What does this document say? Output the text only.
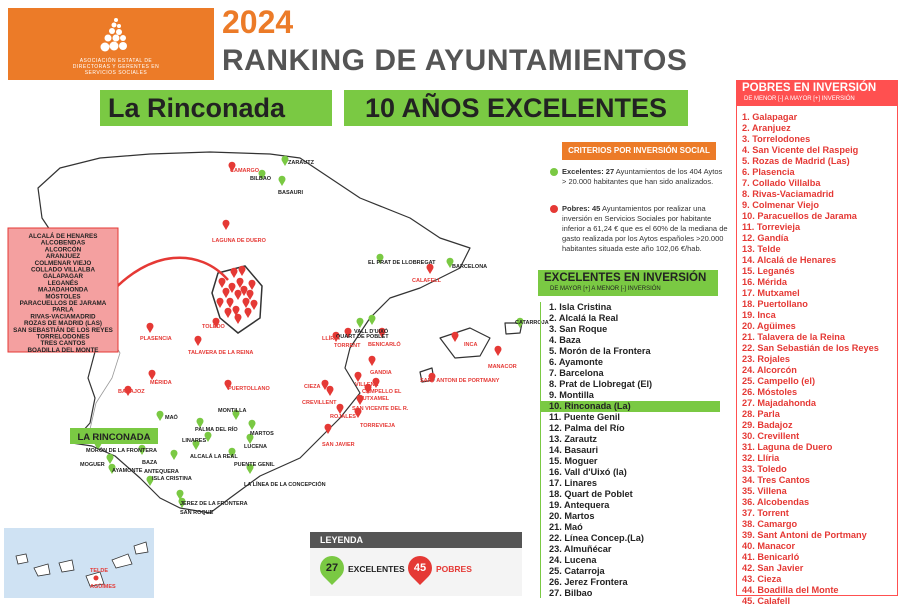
ASOCIACIÓN ESTATAL DE
DIRECTORAS Y GERENTES EN
SERVICIOS SOCIALES
2024
RANKING DE AYUNTAMIENTOS
La Rinconada	10 AÑOS EXCELENTES
ALCALÁ DE HENARES
ALCOBENDAS
ALCORCÓN
ARANJUEZ
COLMENAR VIEJO
COLLADO VILLALBA
GALAPAGAR
LEGANÉS
MAJADAHONDA
MÓSTOLES
PARACUELLOS DE JARAMA
PARLA
RIVAS-VACIAMADRID
ROZAS DE MADRID (LAS)
SAN SEBASTIÁN DE LOS REYES
TORRELODONES
TRES CANTOS
BOADILLA DEL MONTE
ZARAUTZ
BILBAO
BASAURI
EL PRAT DE LLOBREGAT
BARCELONA
QUART DE POBLET
VALL D'UIXÓ
CATARROJA
MAÓ
PALMA DEL RÍO
MONTILLA
MARTOS
LINARES
LUCENA
ALCALÁ LA REAL
PUENTE GENIL
BAZA
ANTEQUERA
MORÓN DE LA FRONTERA
AYAMONTE
MOGUER
ISLA CRISTINA
JEREZ DE LA FRONTERA
SAN ROQUE
LA LÍNEA DE LA CONCEPCIÓN
CAMARGO
LAGUNA DE DUERO
CALAFELL
BENICARLÓ
LLÍRIA
TORRENT
GANDIA
INCA
MANACOR
SANT ANTONI DE PORTMANY
TOLEDO
TALAVERA DE LA REINA
PLASENCIA
MÉRIDA
BADAJOZ	PUERTOLLANO	CIEZA	VILLENA
CAMPELLO EL
MUTXAMEL
SAN VICENTE DEL R.
CREVILLENT
ROJALES
TORREVIEJA
SAN JAVIER
LA RINCONADA
TELDE
AGÜIMES
CRITERIOS POR INVERSIÓN SOCIAL
Excelentes: 27 Ayuntamientos de los 404 Aytos > 20.000 habitantes que han sido analizados.
Pobres: 45 Ayuntamientos por realizar una inversión en Servicios Sociales por habitante inferior a 61,24 € que es el 60% de la mediana de gasto realizada por los Aytos españoles >20.000 habitantes situada este año 102,06 €/hab.
EXCELENTES EN INVERSIÓN
DE MAYOR [+] A MENOR [-] INVERSIÓN
1. Isla Cristina
2. Alcalá la Real
3. San Roque
4. Baza
5. Morón de la Frontera
6. Ayamonte
7. Barcelona
8. Prat de Llobregat (El)
9. Montilla
10. Rinconada (La)
11. Puente Genil
12. Palma del Río
13. Zarautz
14. Basauri
15. Moguer
16. Vall d'Uixó (la)
17. Linares
18. Quart de Poblet
19. Antequera
20. Martos
21. Maó
22. Línea Concep.(La)
23. Almuñécar
24. Lucena
25. Catarroja
26. Jerez Frontera
27. Bilbao
POBRES EN INVERSIÓN
DE MENOR [-] A MAYOR [+] INVERSIÓN
1. Galapagar
2. Aranjuez
3. Torrelodones
4. San Vicente del Raspeig
5. Rozas de Madrid (Las)
6. Plasencia
7. Collado Villalba
8. Rivas-Vaciamadrid
9. Colmenar Viejo
10. Paracuellos de Jarama
11. Torrevieja
12. Gandía
13. Telde
14. Alcalá de Henares
15. Leganés
16. Mérida
17. Mutxamel
18. Puertollano
19. Inca
20. Agüimes
21. Talavera de la Reina
22. San Sebastián de los Reyes
23. Rojales
24. Alcorcón
25. Campello (el)
26. Móstoles
27. Majadahonda
28. Parla
29. Badajoz
30. Crevillent
31. Laguna de Duero
32. Llíria
33. Toledo
34. Tres Cantos
35. Villena
36. Alcobendas
37. Torrent
38. Camargo
39. Sant Antoni de Portmany
40. Manacor
41. Benicarló
42. San Javier
43. Cieza
44. Boadilla del Monte
45. Calafell
LEYENDA
27	EXCELENTES 45	POBRES
